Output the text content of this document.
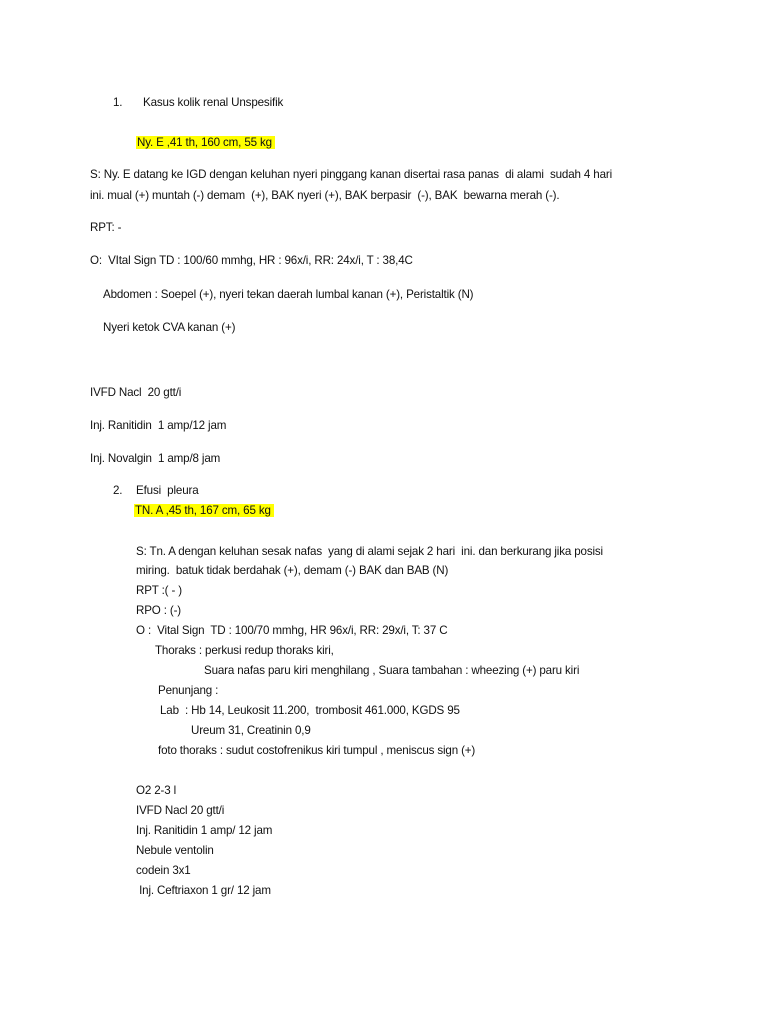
1. Kasus kolik renal Unspesifik
Ny. E ,41 th, 160 cm, 55 kg
S: Ny. E datang ke IGD dengan keluhan nyeri pinggang kanan disertai rasa panas  di alami  sudah 4 hari
ini. mual (+) muntah (-) demam  (+), BAK nyeri (+), BAK berpasir  (-), BAK  bewarna merah (-).
RPT: -
O:  VItal Sign TD : 100/60 mmhg, HR : 96x/i, RR: 24x/i, T : 38,4C
Abdomen : Soepel (+), nyeri tekan daerah lumbal kanan (+), Peristaltik (N)
Nyeri ketok CVA kanan (+)
IVFD Nacl  20 gtt/i
Inj. Ranitidin  1 amp/12 jam
Inj. Novalgin  1 amp/8 jam
2. Efusi  pleura
TN. A ,45 th, 167 cm, 65 kg
S: Tn. A dengan keluhan sesak nafas  yang di alami sejak 2 hari  ini. dan berkurang jika posisi
miring.  batuk tidak berdahak (+), demam (-) BAK dan BAB (N)
RPT :( - )
RPO : (-)
O :  Vital Sign  TD : 100/70 mmhg, HR 96x/i, RR: 29x/i, T: 37 C
Thoraks : perkusi redup thoraks kiri,
Suara nafas paru kiri menghilang , Suara tambahan : wheezing (+) paru kiri
Penunjang :
Lab  : Hb 14, Leukosit 11.200,  trombosit 461.000, KGDS 95
Ureum 31, Creatinin 0,9
foto thoraks : sudut costofrenikus kiri tumpul , meniscus sign (+)
O2 2-3 l
IVFD Nacl 20 gtt/i
Inj. Ranitidin 1 amp/ 12 jam
Nebule ventolin
codein 3x1
Inj. Ceftriaxon 1 gr/ 12 jam
